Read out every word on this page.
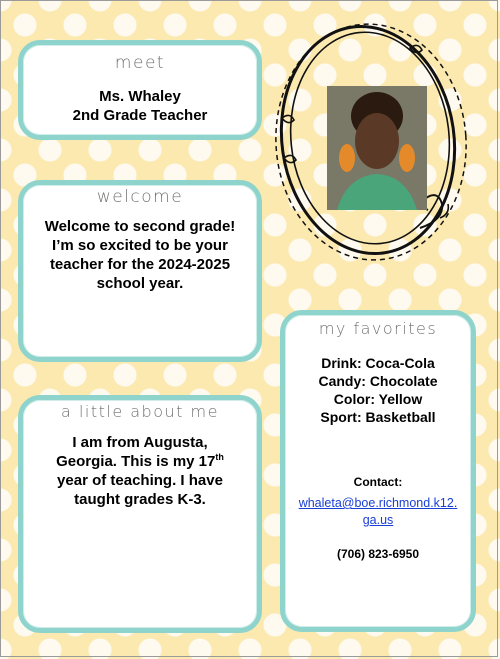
meet

Ms. Whaley
2nd Grade Teacher

welcome

Welcome to second grade! I’m so excited to be your teacher for the 2024-2025 school year.

a little about me

I am from Augusta, Georgia. This is my 17th year of teaching. I have taught grades K-3.

my favorites

Drink: Coca-Cola
Candy: Chocolate
Color: Yellow
Sport: Basketball
Contact:
whaleta@boe.richmond.k12.ga.us
(706) 823-6950
